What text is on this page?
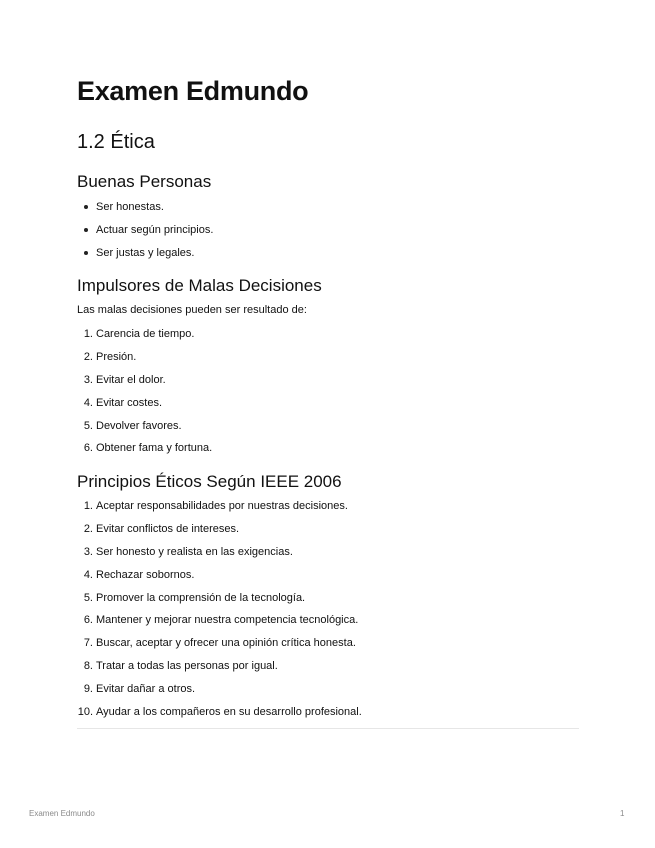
Examen Edmundo
1.2 Ética
Buenas Personas
Ser honestas.
Actuar según principios.
Ser justas y legales.
Impulsores de Malas Decisiones

Las malas decisiones pueden ser resultado de:

1. Carencia de tiempo.
2. Presión.
3. Evitar el dolor.
4. Evitar costes.
5. Devolver favores.
6. Obtener fama y fortuna.
Principios Éticos Según IEEE 2006
1. Aceptar responsabilidades por nuestras decisiones.
2. Evitar conflictos de intereses.
3. Ser honesto y realista en las exigencias.
4. Rechazar sobornos.
5. Promover la comprensión de la tecnología.
6. Mantener y mejorar nuestra competencia tecnológica.
7. Buscar, aceptar y ofrecer una opinión crítica honesta.
8. Tratar a todas las personas por igual.
9. Evitar dañar a otros.
10. Ayudar a los compañeros en su desarrollo profesional.
Examen Edmundo	1
